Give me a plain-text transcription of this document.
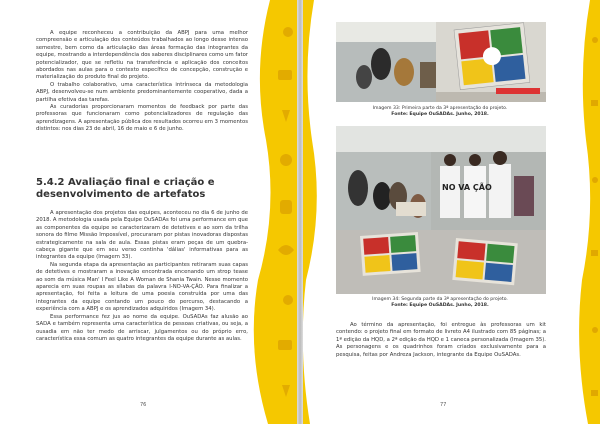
A equipe reconheceu a contribuição da ABPJ para uma melhor compreensão e articulação dos conteúdos trabalhados ao longo desse intenso semestre, bem como da articulação das áreas formação das integrantes da equipe, mostrando a interdependência dos saberes disciplinares como um fator potencializador, que se refletiu na transferência e aplicação dos conceitos abordados nas aulas para o contexto específico de concepção, construção e materialização do produto final do projeto.

O trabalho colaborativo, uma característica intrínseca da metodologia ABPJ, desenvolveu-se num ambiente predominantemente cooperativo, dada a partilha efetiva das tarefas.

As curadorias proporcionaram momentos de feedback por parte das professoras que funcionaram como potencializadores de regulação das aprendizagens. A apresentação pública dos resultados ocorreu em 3 momentos distintos: nos dias 23 de abril, 16 de maio e 6 de junho.

5.4.2 Avaliação final e criação e desenvolvimento de artefatos

A apresentação dos projetos das equipes, aconteceu no dia 6 de junho de 2018. A metodologia usada pela Equipe OuSADAs foi uma performance em que as componentes da equipe se caracterizaram de detetives e ao som da trilha sonora do filme Missão Impossível, procuraram por pistas inovadoras dispostas estrategicamente na sala de aula. Essas pistas eram peças de um quebra-cabeça gigante que em seu verso continha 'dálias' informativas para as integrantes da equipe (Imagem 33).

Na segunda etapa da apresentação as participantes retiraram suas capas de detetives e mostraram a inovação encontrada encenando um strop tease ao som da música Man' I Feel Like A Woman de Shania Twain. Nesse momento aparecia em suas roupas as sílabas da palavra I-NO-VA-ÇÃO. Para finalizar a apresentação, foi feita a leitura de uma poesia construída por uma das integrantes da equipe contando um pouco do percurso, destacando a experiência com a ABPJ e os aprendizados adquiridos (Imagem 34).

Essa performance fez jus ao nome da equipe. OuSADAs faz alusão ao SADA e também representa uma característica de pessoas criativas, ou seja, a ousadia em não ter medo de arriscar, julgamentos ou do próprio erro, característica essa comum as quatro integrantes da equipe durante as aulas.

76
Imagem 33: Primeira parte da 3ª apresentação do projeto.
Fonte: Equipe OuSADAs. Junho, 2018.
NO VA ÇÃO
Imagem 34: Segunda parte da 3ª apresentação do projeto.
Fonte: Equipe OuSADAs. Junho, 2018.

Ao término da apresentação, foi entregue às professoras um kit contendo: o projeto final em formato de livreto A4 ilustrado com 85 páginas; a 1ª edição da HQD, a 2ª edição da HQD e 1 caneca personalizada (Imagem 35). As personagens e os quadrinhos foram criados exclusivamente para a pesquisa, feitas por Andreza Jackson, integrante da Equipe OuSADAs.

77
